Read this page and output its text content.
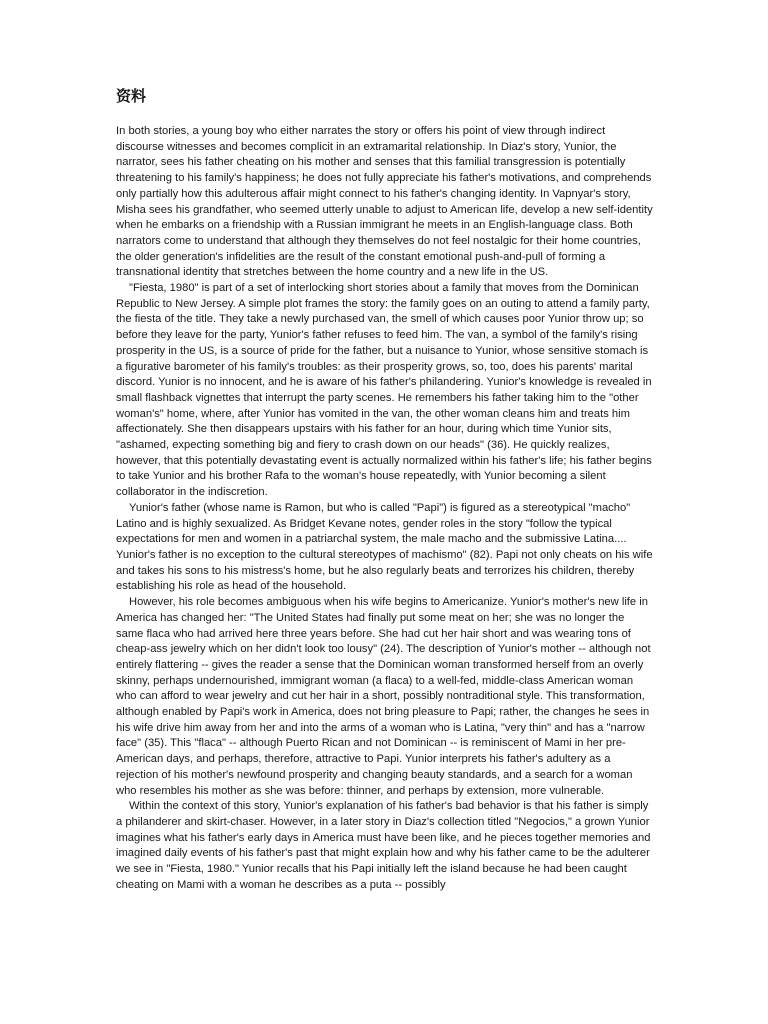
资料

In both stories, a young boy who either narrates the story or offers his point of view through indirect discourse witnesses and becomes complicit in an extramarital relationship. In Diaz's story, Yunior, the narrator, sees his father cheating on his mother and senses that this familial transgression is potentially threatening to his family's happiness; he does not fully appreciate his father's motivations, and comprehends only partially how this adulterous affair might connect to his father's changing identity. In Vapnyar's story, Misha sees his grandfather, who seemed utterly unable to adjust to American life, develop a new self-identity when he embarks on a friendship with a Russian immigrant he meets in an English-language class. Both narrators come to understand that although they themselves do not feel nostalgic for their home countries, the older generation's infidelities are the result of the constant emotional push-and-pull of forming a transnational identity that stretches between the home country and a new life in the US.

"Fiesta, 1980" is part of a set of interlocking short stories about a family that moves from the Dominican Republic to New Jersey. A simple plot frames the story: the family goes on an outing to attend a family party, the fiesta of the title. They take a newly purchased van, the smell of which causes poor Yunior throw up; so before they leave for the party, Yunior's father refuses to feed him. The van, a symbol of the family's rising prosperity in the US, is a source of pride for the father, but a nuisance to Yunior, whose sensitive stomach is a figurative barometer of his family's troubles: as their prosperity grows, so, too, does his parents' marital discord. Yunior is no innocent, and he is aware of his father's philandering. Yunior's knowledge is revealed in small flashback vignettes that interrupt the party scenes. He remembers his father taking him to the "other woman's" home, where, after Yunior has vomited in the van, the other woman cleans him and treats him affectionately. She then disappears upstairs with his father for an hour, during which time Yunior sits, "ashamed, expecting something big and fiery to crash down on our heads" (36). He quickly realizes, however, that this potentially devastating event is actually normalized within his father's life; his father begins to take Yunior and his brother Rafa to the woman's house repeatedly, with Yunior becoming a silent collaborator in the indiscretion.

Yunior's father (whose name is Ramon, but who is called "Papi") is figured as a stereotypical "macho" Latino and is highly sexualized. As Bridget Kevane notes, gender roles in the story "follow the typical expectations for men and women in a patriarchal system, the male macho and the submissive Latina.... Yunior's father is no exception to the cultural stereotypes of machismo" (82). Papi not only cheats on his wife and takes his sons to his mistress's home, but he also regularly beats and terrorizes his children, thereby establishing his role as head of the household.

However, his role becomes ambiguous when his wife begins to Americanize. Yunior's mother's new life in America has changed her: "The United States had finally put some meat on her; she was no longer the same flaca who had arrived here three years before. She had cut her hair short and was wearing tons of cheap-ass jewelry which on her didn't look too lousy" (24). The description of Yunior's mother -- although not entirely flattering -- gives the reader a sense that the Dominican woman transformed herself from an overly skinny, perhaps undernourished, immigrant woman (a flaca) to a well-fed, middle-class American woman who can afford to wear jewelry and cut her hair in a short, possibly nontraditional style. This transformation, although enabled by Papi's work in America, does not bring pleasure to Papi; rather, the changes he sees in his wife drive him away from her and into the arms of a woman who is Latina, "very thin" and has a "narrow face" (35). This "flaca" -- although Puerto Rican and not Dominican -- is reminiscent of Mami in her pre-American days, and perhaps, therefore, attractive to Papi. Yunior interprets his father's adultery as a rejection of his mother's newfound prosperity and changing beauty standards, and a search for a woman who resembles his mother as she was before: thinner, and perhaps by extension, more vulnerable.

Within the context of this story, Yunior's explanation of his father's bad behavior is that his father is simply a philanderer and skirt-chaser. However, in a later story in Diaz's collection titled "Negocios," a grown Yunior imagines what his father's early days in America must have been like, and he pieces together memories and imagined daily events of his father's past that might explain how and why his father came to be the adulterer we see in "Fiesta, 1980." Yunior recalls that his Papi initially left the island because he had been caught cheating on Mami with a woman he describes as a puta -- possibly
